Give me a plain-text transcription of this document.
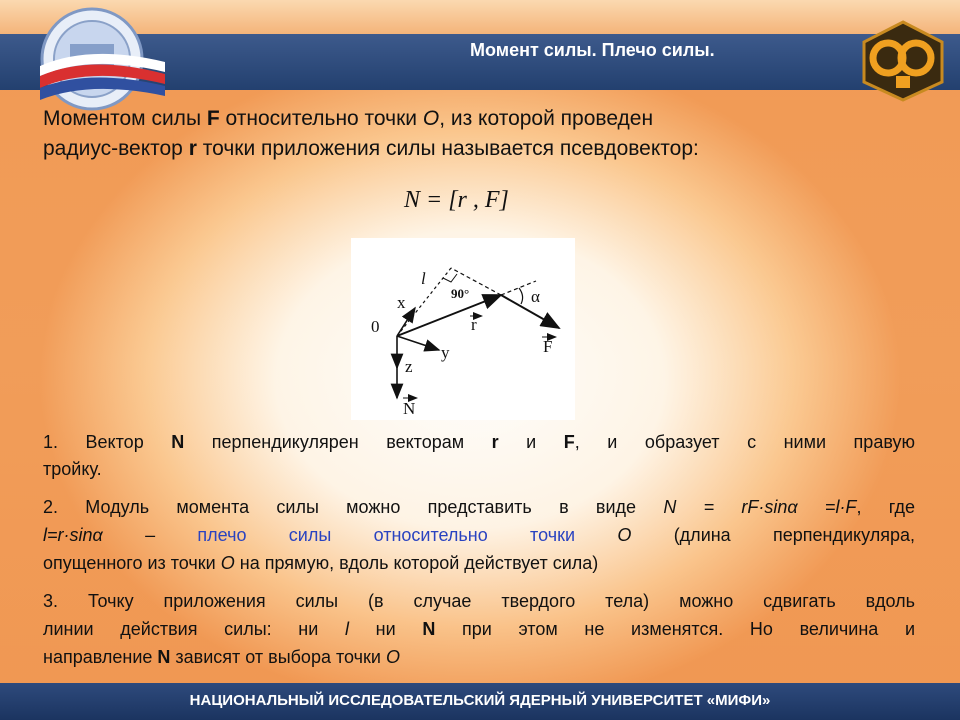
Момент силы. Плечо силы.
Моментом силы F относительно точки O, из которой проведен
радиус-вектор r точки приложения силы называется псевдовектор:
N = [r , F]
0
x
y
z
l
90°	α
r
F
N
1. Вектор N перпендикулярен векторам r и F, и образует с ними правую
тройку.
2. Модуль момента силы можно представить в виде N = rF·sinα =l·F, где
l=r·sinα – плечо силы относительно точки O (длина перпендикуляра,
опущенного из точки O на прямую, вдоль которой действует сила)
3. Точку приложения силы (в случае твердого тела) можно сдвигать вдоль
линии действия силы: ни l ни N при этом не изменятся. Но величина и
направление N зависят от выбора точки O
НАЦИОНАЛЬНЫЙ ИССЛЕДОВАТЕЛЬСКИЙ ЯДЕРНЫЙ УНИВЕРСИТЕТ «МИФИ»
